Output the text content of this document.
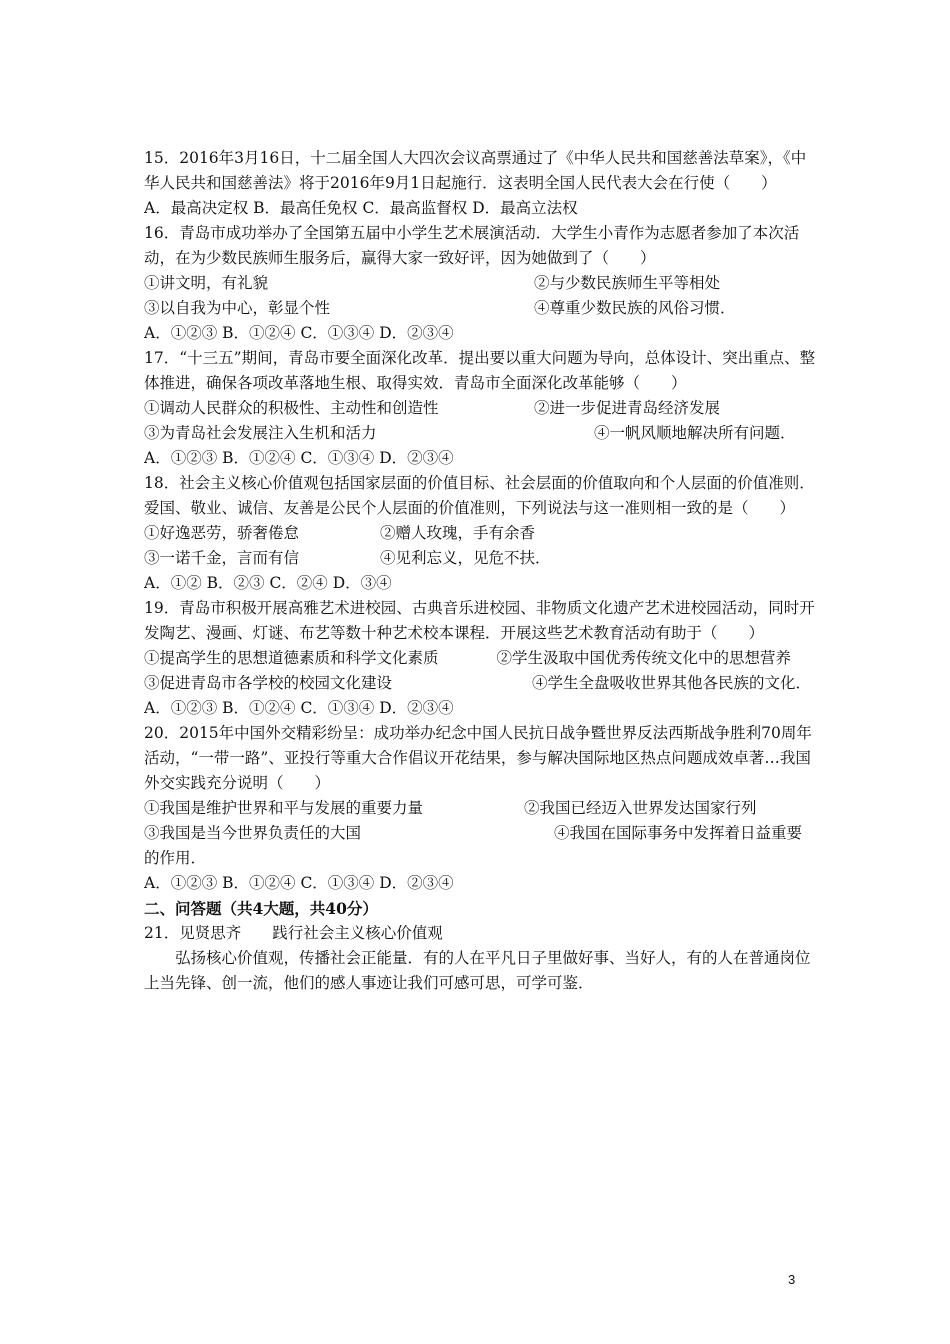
15．2016年3月16日，十二届全国人大四次会议高票通过了《中华人民共和国慈善法草案》，《中华人民共和国慈善法》将于2016年9月1日起施行．这表明全国人民代表大会在行使（　　）
A．最高决定权 B．最高任免权 C．最高监督权 D．最高立法权
16．青岛市成功举办了全国第五届中小学生艺术展演活动．大学生小青作为志愿者参加了本次活动，在为少数民族师生服务后，赢得大家一致好评，因为她做到了（　　）
①讲文明，有礼貌	②与少数民族师生平等相处
③以自我为中心，彰显个性	④尊重少数民族的风俗习惯．
A．①②③ B．①②④ C．①③④ D．②③④
17．“十三五”期间，青岛市要全面深化改革．提出要以重大问题为导向，总体设计、突出重点、整体推进，确保各项改革落地生根、取得实效．青岛市全面深化改革能够（　　）
①调动人民群众的积极性、主动性和创造性	②进一步促进青岛经济发展
③为青岛社会发展注入生机和活力	④一帆风顺地解决所有问题．
A．①②③ B．①②④ C．①③④ D．②③④
18．社会主义核心价值观包括国家层面的价值目标、社会层面的价值取向和个人层面的价值准则．爱国、敬业、诚信、友善是公民个人层面的价值准则，下列说法与这一准则相一致的是（　　）
①好逸恶劳，骄奢倦怠	②赠人玫瑰，手有余香
③一诺千金，言而有信	④见利忘义，见危不扶．
A．①② B．②③ C．②④ D．③④
19．青岛市积极开展高雅艺术进校园、古典音乐进校园、非物质文化遗产艺术进校园活动，同时开发陶艺、漫画、灯谜、布艺等数十种艺术校本课程．开展这些艺术教育活动有助于（　　）
①提高学生的思想道德素质和科学文化素质	②学生汲取中国优秀传统文化中的思想营养
③促进青岛市各学校的校园文化建设	④学生全盘吸收世界其他各民族的文化．
A．①②③ B．①②④ C．①③④ D．②③④
20．2015年中国外交精彩纷呈：成功举办纪念中国人民抗日战争暨世界反法西斯战争胜利70周年活动，“一带一路”、亚投行等重大合作倡议开花结果，参与解决国际地区热点问题成效卓著…我国外交实践充分说明（　　）
①我国是维护世界和平与发展的重要力量	②我国已经迈入世界发达国家行列
③我国是当今世界负责任的大国	④我国在国际事务中发挥着日益重要的作用．
A．①②③ B．①②④ C．①③④ D．②③④
二、问答题（共4大题，共40分）
21．见贤思齐　　践行社会主义核心价值观
弘扬核心价值观，传播社会正能量．有的人在平凡日子里做好事、当好人，有的人在普通岗位上当先锋、创一流，他们的感人事迹让我们可感可思，可学可鉴．
3
